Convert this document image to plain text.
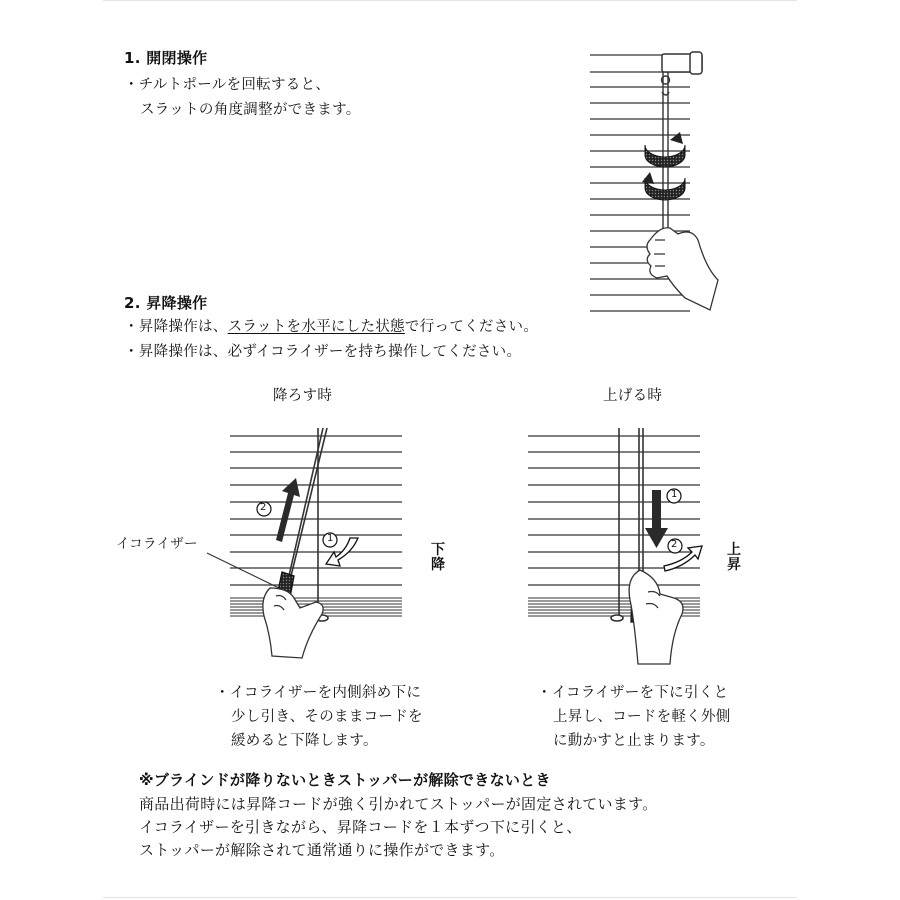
1. 開閉操作
・チルトポールを回転すると、
スラットの角度調整ができます。
2. 昇降操作
・昇降操作は、スラットを水平にした状態で行ってください。
・昇降操作は、必ずイコライザーを持ち操作してください。
降ろす時	上げる時
イコライザー	下降
上昇
2
1
1
2
・イコライザーを内側斜め下に
少し引き、そのままコードを
緩めると下降します。
・イコライザーを下に引くと
上昇し、コードを軽く外側
に動かすと止まります。
※ブラインドが降りないときストッパーが解除できないとき
商品出荷時には昇降コードが強く引かれてストッパーが固定されています。
イコライザーを引きながら、昇降コードを１本ずつ下に引くと、
ストッパーが解除されて通常通りに操作ができます。
